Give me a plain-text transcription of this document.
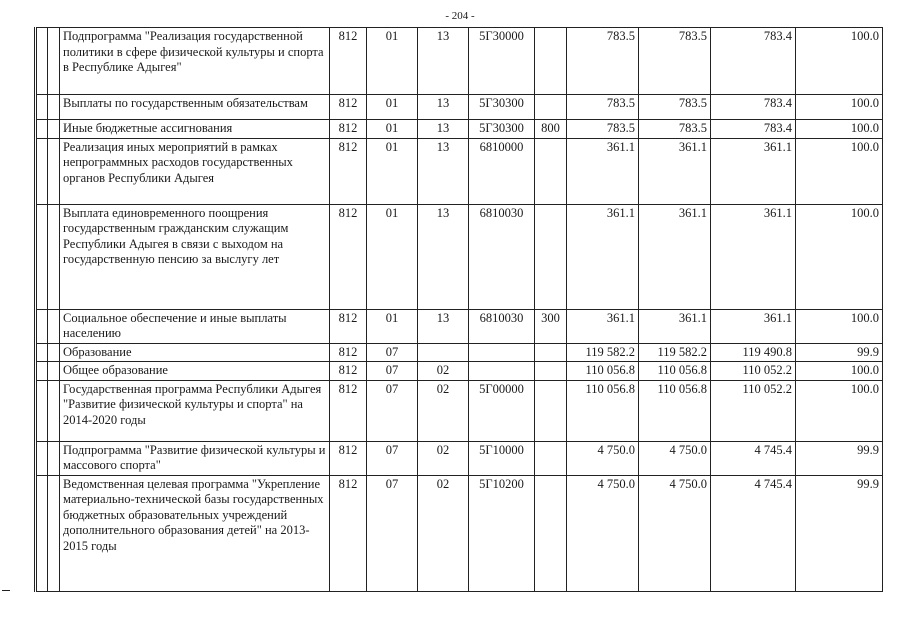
- 204 -
		Подпрограмма "Реализация государственной политики в сфере физической культуры и спорта в Республике Адыгея"	812	01	13	5Г30000		783.5	783.5	783.4	100.0
		Выплаты по государственным обязательствам	812	01	13	5Г30300		783.5	783.5	783.4	100.0
		Иные бюджетные ассигнования	812	01	13	5Г30300	800	783.5	783.5	783.4	100.0
		Реализация иных мероприятий в рамках непрограммных расходов государственных органов Республики Адыгея	812	01	13	6810000		361.1	361.1	361.1	100.0
		Выплата единовременного поощрения государственным гражданским служащим Республики Адыгея в связи с выходом на государственную пенсию за выслугу лет	812	01	13	6810030		361.1	361.1	361.1	100.0
		Социальное обеспечение и иные выплаты населению	812	01	13	6810030	300	361.1	361.1	361.1	100.0
		Образование	812	07				119 582.2	119 582.2	119 490.8	99.9
		Общее образование	812	07	02			110 056.8	110 056.8	110 052.2	100.0
		Государственная программа Республики Адыгея "Развитие физической культуры и спорта" на 2014-2020 годы	812	07	02	5Г00000		110 056.8	110 056.8	110 052.2	100.0
		Подпрограмма "Развитие физической культуры и массового спорта"	812	07	02	5Г10000		4 750.0	4 750.0	4 745.4	99.9
		Ведомственная целевая программа "Укрепление материально-технической базы государственных бюджетных образовательных учреждений дополнительного образования детей" на 2013-2015 годы	812	07	02	5Г10200		4 750.0	4 750.0	4 745.4	99.9
